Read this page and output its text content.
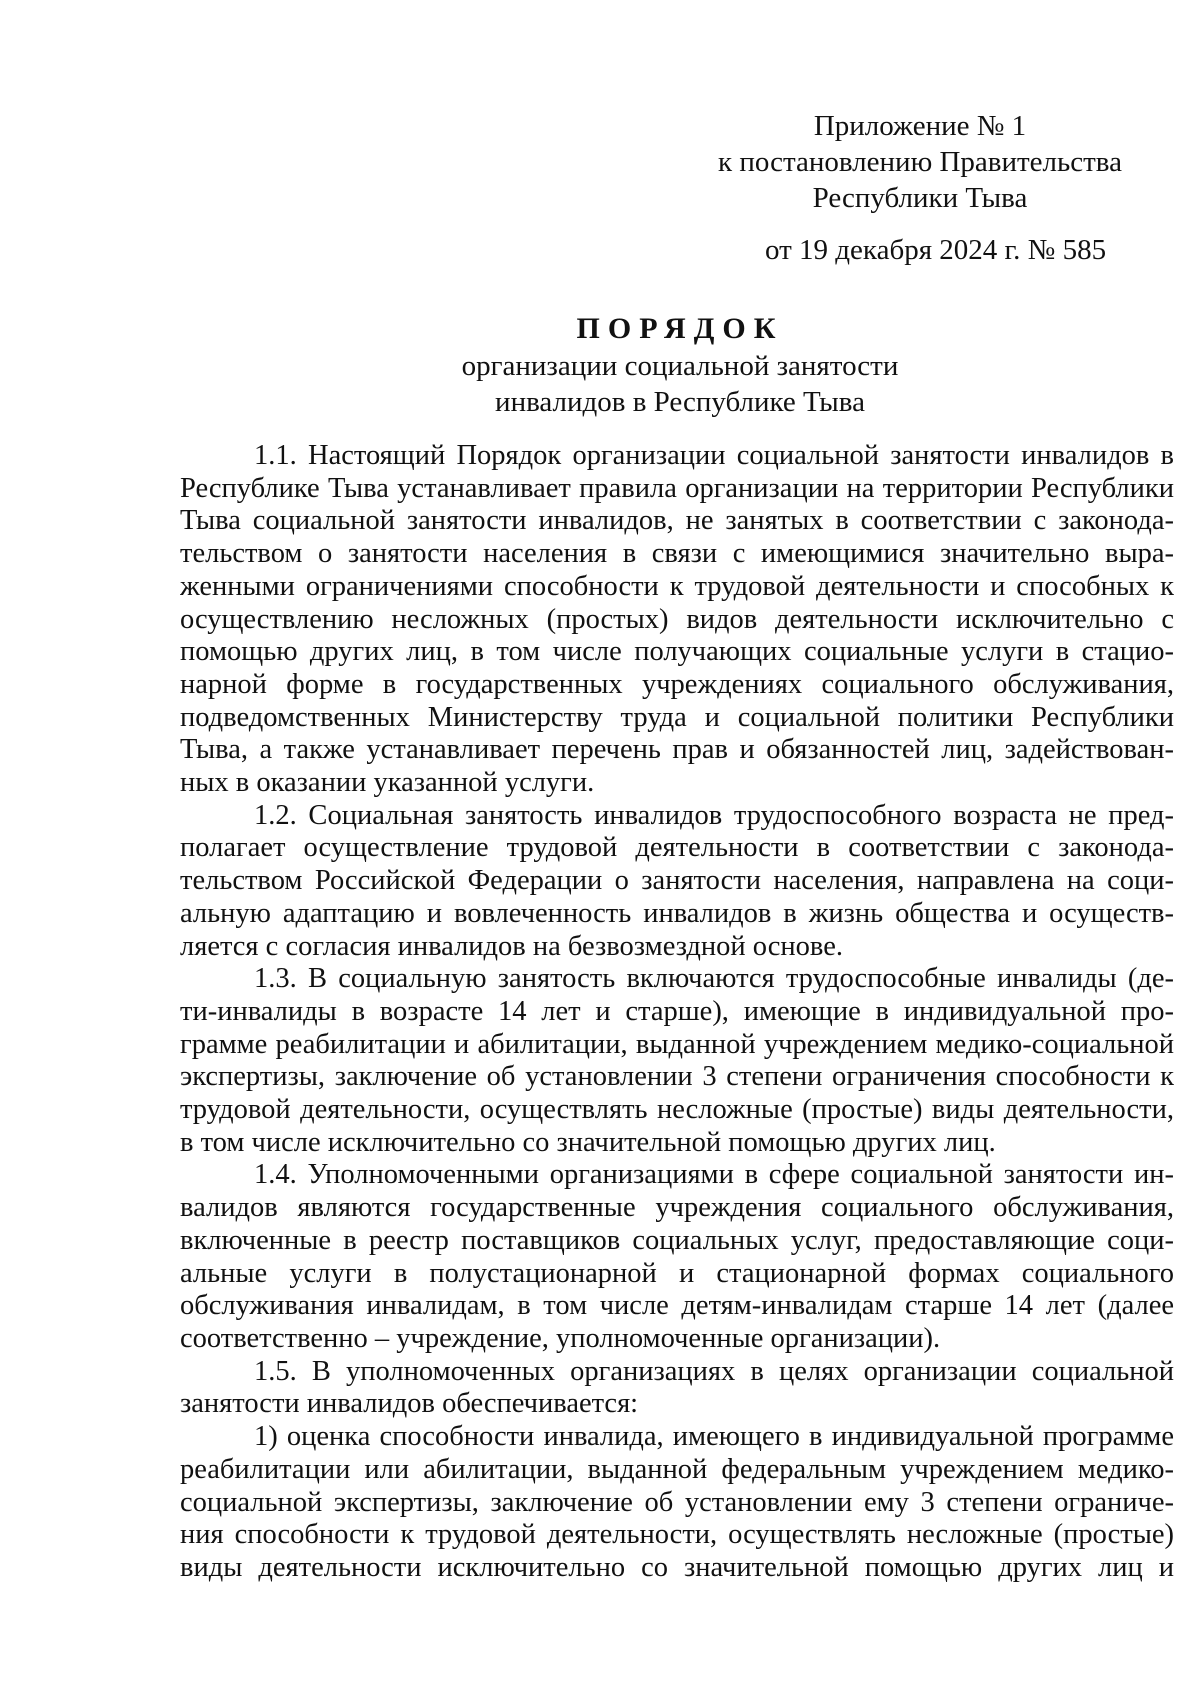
Приложение № 1
к постановлению Правительства
Республики Тыва
от 19 декабря 2024 г. № 585
ПОРЯДОК

организации социальной занятости
инвалидов в Республике Тыва

1.1. Настоящий Порядок организации социальной занятости инвалидов в
Республике Тыва устанавливает правила организации на территории Республики
Тыва социальной занятости инвалидов, не занятых в соответствии с законода-
тельством о занятости населения в связи с имеющимися значительно выра-
женными ограничениями способности к трудовой деятельности и способных к
осуществлению несложных (простых) видов деятельности исключительно с
помощью других лиц, в том числе получающих социальные услуги в стацио-
нарной форме в государственных учреждениях социального обслуживания,
подведомственных Министерству труда и социальной политики Республики
Тыва, а также устанавливает перечень прав и обязанностей лиц, задействован-
ных в оказании указанной услуги.
1.2. Социальная занятость инвалидов трудоспособного возраста не пред-
полагает осуществление трудовой деятельности в соответствии с законода-
тельством Российской Федерации о занятости населения, направлена на соци-
альную адаптацию и вовлеченность инвалидов в жизнь общества и осуществ-
ляется с согласия инвалидов на безвозмездной основе.
1.3. В социальную занятость включаются трудоспособные инвалиды (де-
ти-инвалиды в возрасте 14 лет и старше), имеющие в индивидуальной про-
грамме реабилитации и абилитации, выданной учреждением медико-социальной
экспертизы, заключение об установлении 3 степени ограничения способности к
трудовой деятельности, осуществлять несложные (простые) виды деятельности,
в том числе исключительно со значительной помощью других лиц.
1.4. Уполномоченными организациями в сфере социальной занятости ин-
валидов являются государственные учреждения социального обслуживания,
включенные в реестр поставщиков социальных услуг, предоставляющие соци-
альные услуги в полустационарной и стационарной формах социального
обслуживания инвалидам, в том числе детям-инвалидам старше 14 лет (далее
соответственно – учреждение, уполномоченные организации).
1.5. В уполномоченных организациях в целях организации социальной
занятости инвалидов обеспечивается:
1) оценка способности инвалида, имеющего в индивидуальной программе
реабилитации или абилитации, выданной федеральным учреждением медико-
социальной экспертизы, заключение об установлении ему 3 степени ограниче-
ния способности к трудовой деятельности, осуществлять несложные (простые)
виды деятельности исключительно со значительной помощью других лиц и
